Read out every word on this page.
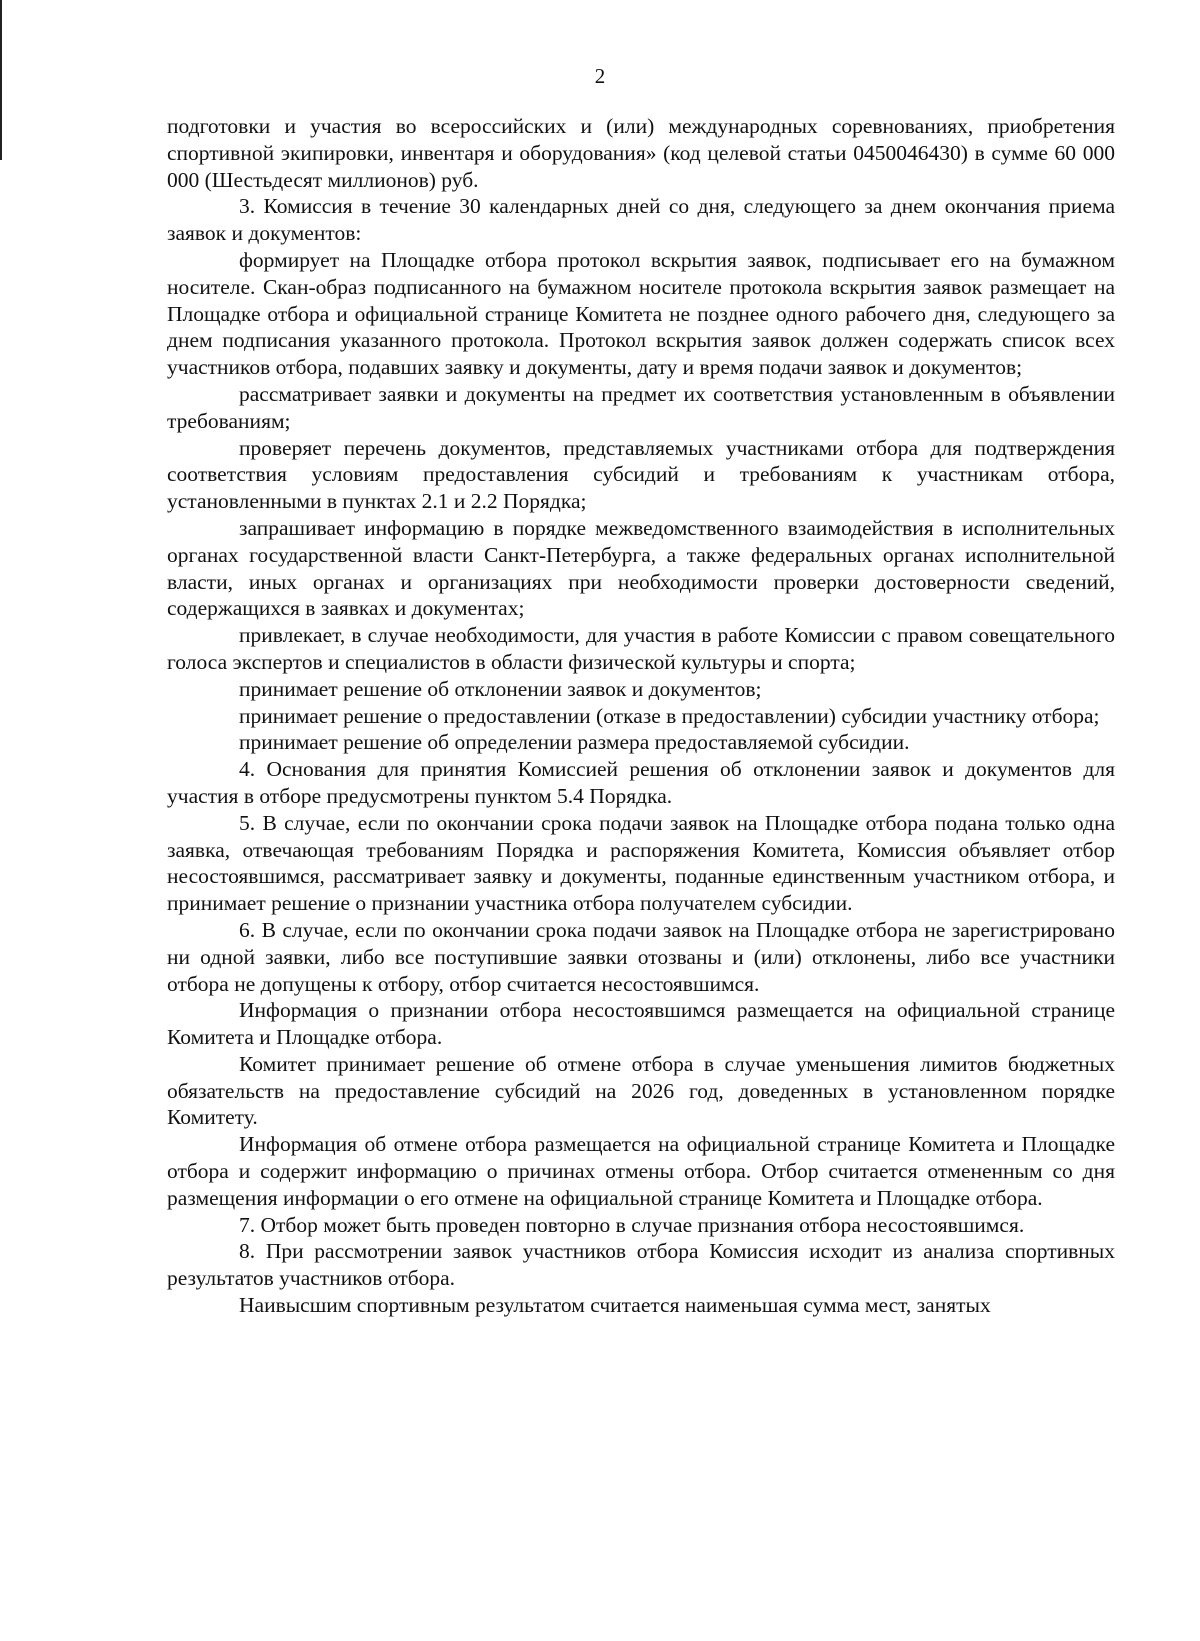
2

подготовки и участия во всероссийских и (или) международных соревнованиях, приобретения спортивной экипировки, инвентаря и оборудования» (код целевой статьи 0450046430) в сумме 60 000 000 (Шестьдесят миллионов) руб.

3. Комиссия в течение 30 календарных дней со дня, следующего за днем окончания приема заявок и документов:

формирует на Площадке отбора протокол вскрытия заявок, подписывает его на бумажном носителе. Скан-образ подписанного на бумажном носителе протокола вскрытия заявок размещает на Площадке отбора и официальной странице Комитета не позднее одного рабочего дня, следующего за днем подписания указанного протокола. Протокол вскрытия заявок должен содержать список всех участников отбора, подавших заявку и документы, дату и время подачи заявок и документов;

рассматривает заявки и документы на предмет их соответствия установленным в объявлении требованиям;

проверяет перечень документов, представляемых участниками отбора для подтверждения соответствия условиям предоставления субсидий и требованиям к участникам отбора, установленными в пунктах 2.1 и 2.2 Порядка;

запрашивает информацию в порядке межведомственного взаимодействия в исполнительных органах государственной власти Санкт-Петербурга, а также федеральных органах исполнительной власти, иных органах и организациях при необходимости проверки достоверности сведений, содержащихся в заявках и документах;

привлекает, в случае необходимости, для участия в работе Комиссии с правом совещательного голоса экспертов и специалистов в области физической культуры и спорта;

принимает решение об отклонении заявок и документов;

принимает решение о предоставлении (отказе в предоставлении) субсидии участнику отбора;

принимает решение об определении размера предоставляемой субсидии.

4. Основания для принятия Комиссией решения об отклонении заявок и документов для участия в отборе предусмотрены пунктом 5.4 Порядка.

5. В случае, если по окончании срока подачи заявок на Площадке отбора подана только одна заявка, отвечающая требованиям Порядка и распоряжения Комитета, Комиссия объявляет отбор несостоявшимся, рассматривает заявку и документы, поданные единственным участником отбора, и принимает решение о признании участника отбора получателем субсидии.

6. В случае, если по окончании срока подачи заявок на Площадке отбора не зарегистрировано ни одной заявки, либо все поступившие заявки отозваны и (или) отклонены, либо все участники отбора не допущены к отбору, отбор считается несостоявшимся.

Информация о признании отбора несостоявшимся размещается на официальной странице Комитета и Площадке отбора.

Комитет принимает решение об отмене отбора в случае уменьшения лимитов бюджетных обязательств на предоставление субсидий на 2026 год, доведенных в установленном порядке Комитету.

Информация об отмене отбора размещается на официальной странице Комитета и Площадке отбора и содержит информацию о причинах отмены отбора. Отбор считается отмененным со дня размещения информации о его отмене на официальной странице Комитета и Площадке отбора.

7. Отбор может быть проведен повторно в случае признания отбора несостоявшимся.

8. При рассмотрении заявок участников отбора Комиссия исходит из анализа спортивных результатов участников отбора.

Наивысшим спортивным результатом считается наименьшая сумма мест, занятых
